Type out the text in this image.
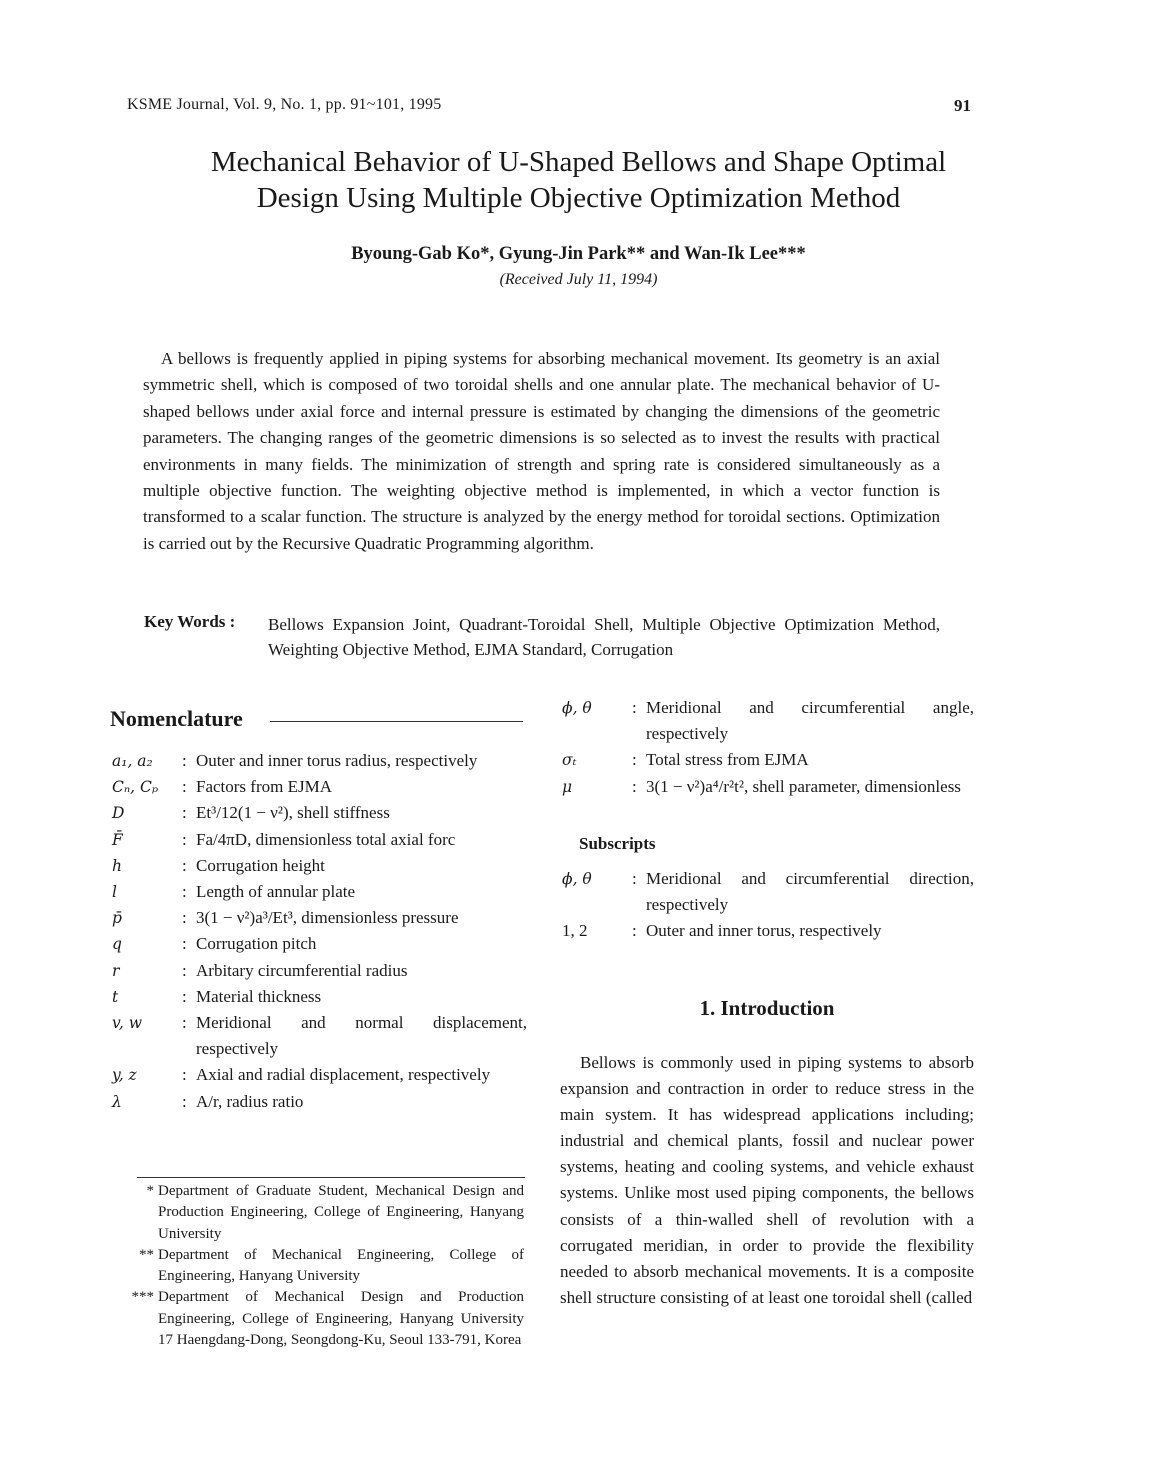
KSME Journal, Vol. 9, No. 1, pp. 91~101, 1995	91
Mechanical Behavior of U-Shaped Bellows and Shape Optimal
Design Using Multiple Objective Optimization Method
Byoung-Gab Ko*, Gyung-Jin Park** and Wan-Ik Lee***
(Received July 11, 1994)
A bellows is frequently applied in piping systems for absorbing mechanical movement. Its geometry is an axial symmetric shell, which is composed of two toroidal shells and one annular plate. The mechanical behavior of U-shaped bellows under axial force and internal pressure is estimated by changing the dimensions of the geometric parameters. The changing ranges of the geometric dimensions is so selected as to invest the results with practical environments in many fields. The minimization of strength and spring rate is considered simultaneously as a multiple objective function. The weighting objective method is implemented, in which a vector function is transformed to a scalar function. The structure is analyzed by the energy method for toroidal sections. Optimization is carried out by the Recursive Quadratic Programming algorithm.
Key Words : Bellows Expansion Joint, Quadrant-Toroidal Shell, Multiple Objective Optimization Method, Weighting Objective Method, EJMA Standard, Corrugation
Nomenclature
a₁, a₂	: Outer and inner torus radius, respectively
Cₙ, Cₚ	: Factors from EJMA
D	: Et³/12(1 − ν²), shell stiffness
F̄	: Fa/4πD, dimensionless total axial forc
h	: Corrugation height
l	: Length of annular plate
p̄	: 3(1 − ν²)a³/Et³, dimensionless pressure
q	: Corrugation pitch
r	: Arbitary circumferential radius
t	: Material thickness
v, w	: Meridional and normal displacement, respectively
y, z	: Axial and radial displacement, respectively
λ	: A/r, radius ratio
* Department of Graduate Student, Mechanical Design and Production Engineering, College of Engineering, Hanyang University
** Department of Mechanical Engineering, College of Engineering, Hanyang University
*** Department of Mechanical Design and Production Engineering, College of Engineering, Hanyang University 17 Haengdang-Dong, Seongdong-Ku, Seoul 133-791, Korea
ϕ, θ	: Meridional and circumferential angle, respectively
σₜ	: Total stress from EJMA
μ	: 3(1 − ν²)a⁴/r²t², shell parameter, dimensionless
Subscripts
ϕ, θ	: Meridional and circumferential direction, respectively
1, 2	: Outer and inner torus, respectively
1. Introduction
Bellows is commonly used in piping systems to absorb expansion and contraction in order to reduce stress in the main system. It has widespread applications including; industrial and chemical plants, fossil and nuclear power systems, heating and cooling systems, and vehicle exhaust systems. Unlike most used piping components, the bellows consists of a thin-walled shell of revolution with a corrugated meridian, in order to provide the flexibility needed to absorb mechanical movements. It is a composite shell structure consisting of at least one toroidal shell (called
